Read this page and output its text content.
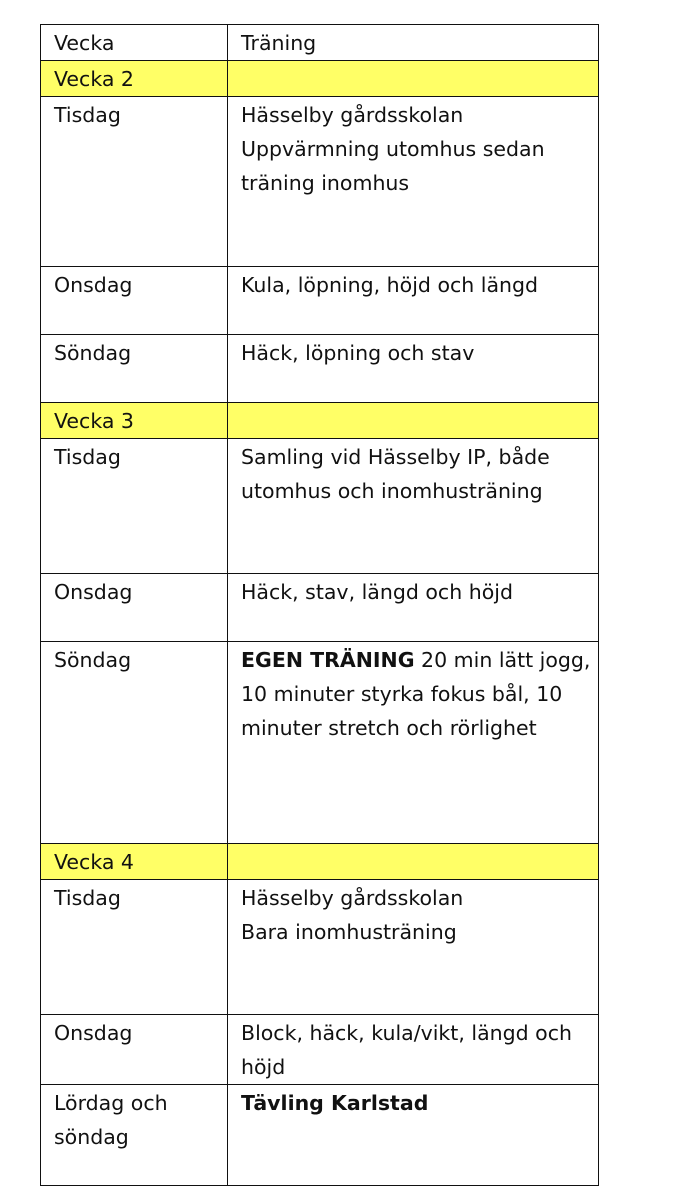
Vecka	Träning

Vecka 2	

Tisdag	Hässelby gårdsskolan
Uppvärmning utomhus sedan träning inomhus

Onsdag	Kula, löpning, höjd och längd

Söndag	Häck, löpning och stav

Vecka 3	

Tisdag	Samling vid Hässelby IP, både utomhus och inomhusträning

Onsdag	Häck, stav, längd och höjd

Söndag	EGEN TRÄNING 20 min lätt jogg, 10 minuter styrka fokus bål, 10 minuter stretch och rörlighet

Vecka 4	

Tisdag	Hässelby gårdsskolan
Bara inomhusträning

Onsdag	Block, häck, kula/vikt, längd och höjd

Lördag och söndag	Tävling Karlstad
